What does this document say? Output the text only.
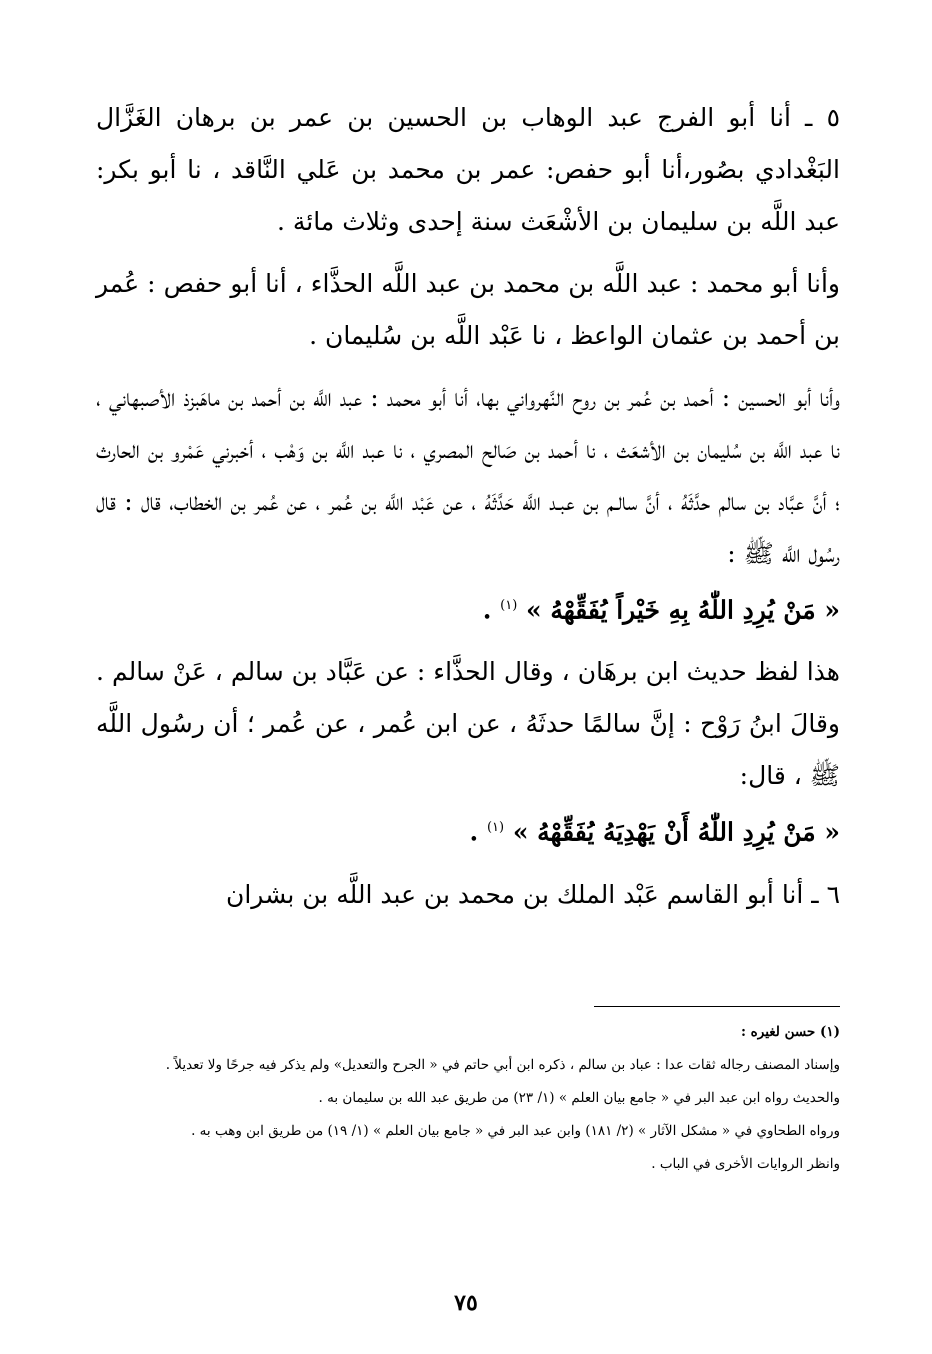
٥ ـ أنا أبو الفرج عبد الوهاب بن الحسين بن عمر بن برهان الغَزَّال البَغْدادي بصُور،أنا أبو حفص: عمر بن محمد بن عَلي النَّاقد ، نا أبو بكر: عبد اللَّه بن سليمان بن الأشْعَث سنة إحدى وثلاث مائة .

وأنا أبو محمد : عبد اللَّه بن محمد بن عبد اللَّه الحذَّاء ، أنا أبو حفص : عُمر بن أحمد بن عثمان الواعظ ، نا عَبْد اللَّه بن سُليمان .

وأنا أبو الحسين : أحمد بن عُمر بن روح النَّهرواني بها، أنا أبو محمد : عبد اللَّه بن أحمد بن ماهَبزذ الأصبهاني ، نا عبد اللَّه بن سُليمان بن الأشعَث ، نا أحمد بن صَالح المصري ، نا عبد اللَّه بن وَهْب ، أخبرني عَمْرو بن الحارث ؛ أنَّ عبَّاد بن سالم حدَّثَهُ ، أنَّ سالـم بن عبـد اللَّه حَدَّثَهُ ، عن عَبْد اللَّه بن عُمر ، عن عُمر بن الخطاب، قال : قال رسُول اللَّه ﷺ :

« مَنْ يُرِدِ اللّٰهُ بِهِ خَيْراً يُفَقِّهْهُ » $^{(١)}$ .

هذا لفظ حديث ابن برهَان ، وقال الحذَّاء : عن عَبَّاد بن سالم ، عَنْ سالم . وقالَ ابنُ رَوْح : إنَّ سالمًا حدثَهُ ، عن ابن عُمر ، عن عُمر ؛ أن رسُول اللَّه ﷺ ، قال:

« مَنْ يُرِدِ اللّٰهُ أَنْ يَهْدِيَهُ يُفَقِّهْهُ » $^{(١)}$ .

٦ ـ أنا أبو القاسم عَبْد الملك بن محمد بن عبد اللَّه بن بشران

(١) حسن لغيره :

وإسناد المصنف رجاله ثقات عدا : عباد بن سالم ، ذكره ابن أبي حاتم في « الجرح والتعديل» ولم يذكر فيه جرحًا ولا تعديلاً .

والحديث رواه ابن عبد البر في « جامع بيان العلم » (١/ ٢٣) من طريق عبد الله بن سليمان به .

ورواه الطحاوي في « مشكل الآثار » (٢/ ١٨١) وابن عبد البر في « جامع بيان العلم » (١/ ١٩) من طريق ابن وهب به .

وانظر الروايات الأخرى في الباب .

٧٥
